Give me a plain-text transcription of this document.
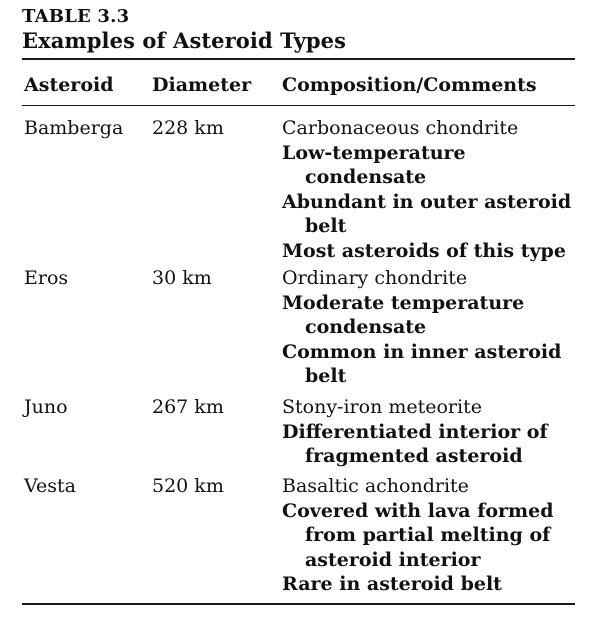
TABLE 3.3
Examples of Asteroid Types
Asteroid Diameter Composition/Comments
Bamberga 228 km	Carbonaceous chondrite
Low-temperature condensate
Abundant in outer asteroid belt
Most asteroids of this type
Eros	30 km	Ordinary chondrite
Moderate temperature condensate
Common in inner asteroid belt
Juno	267 km	Stony-iron meteorite
Differentiated interior of fragmented asteroid
Vesta	520 km	Basaltic achondrite
Covered with lava formed from partial melting of asteroid interior
Rare in asteroid belt
